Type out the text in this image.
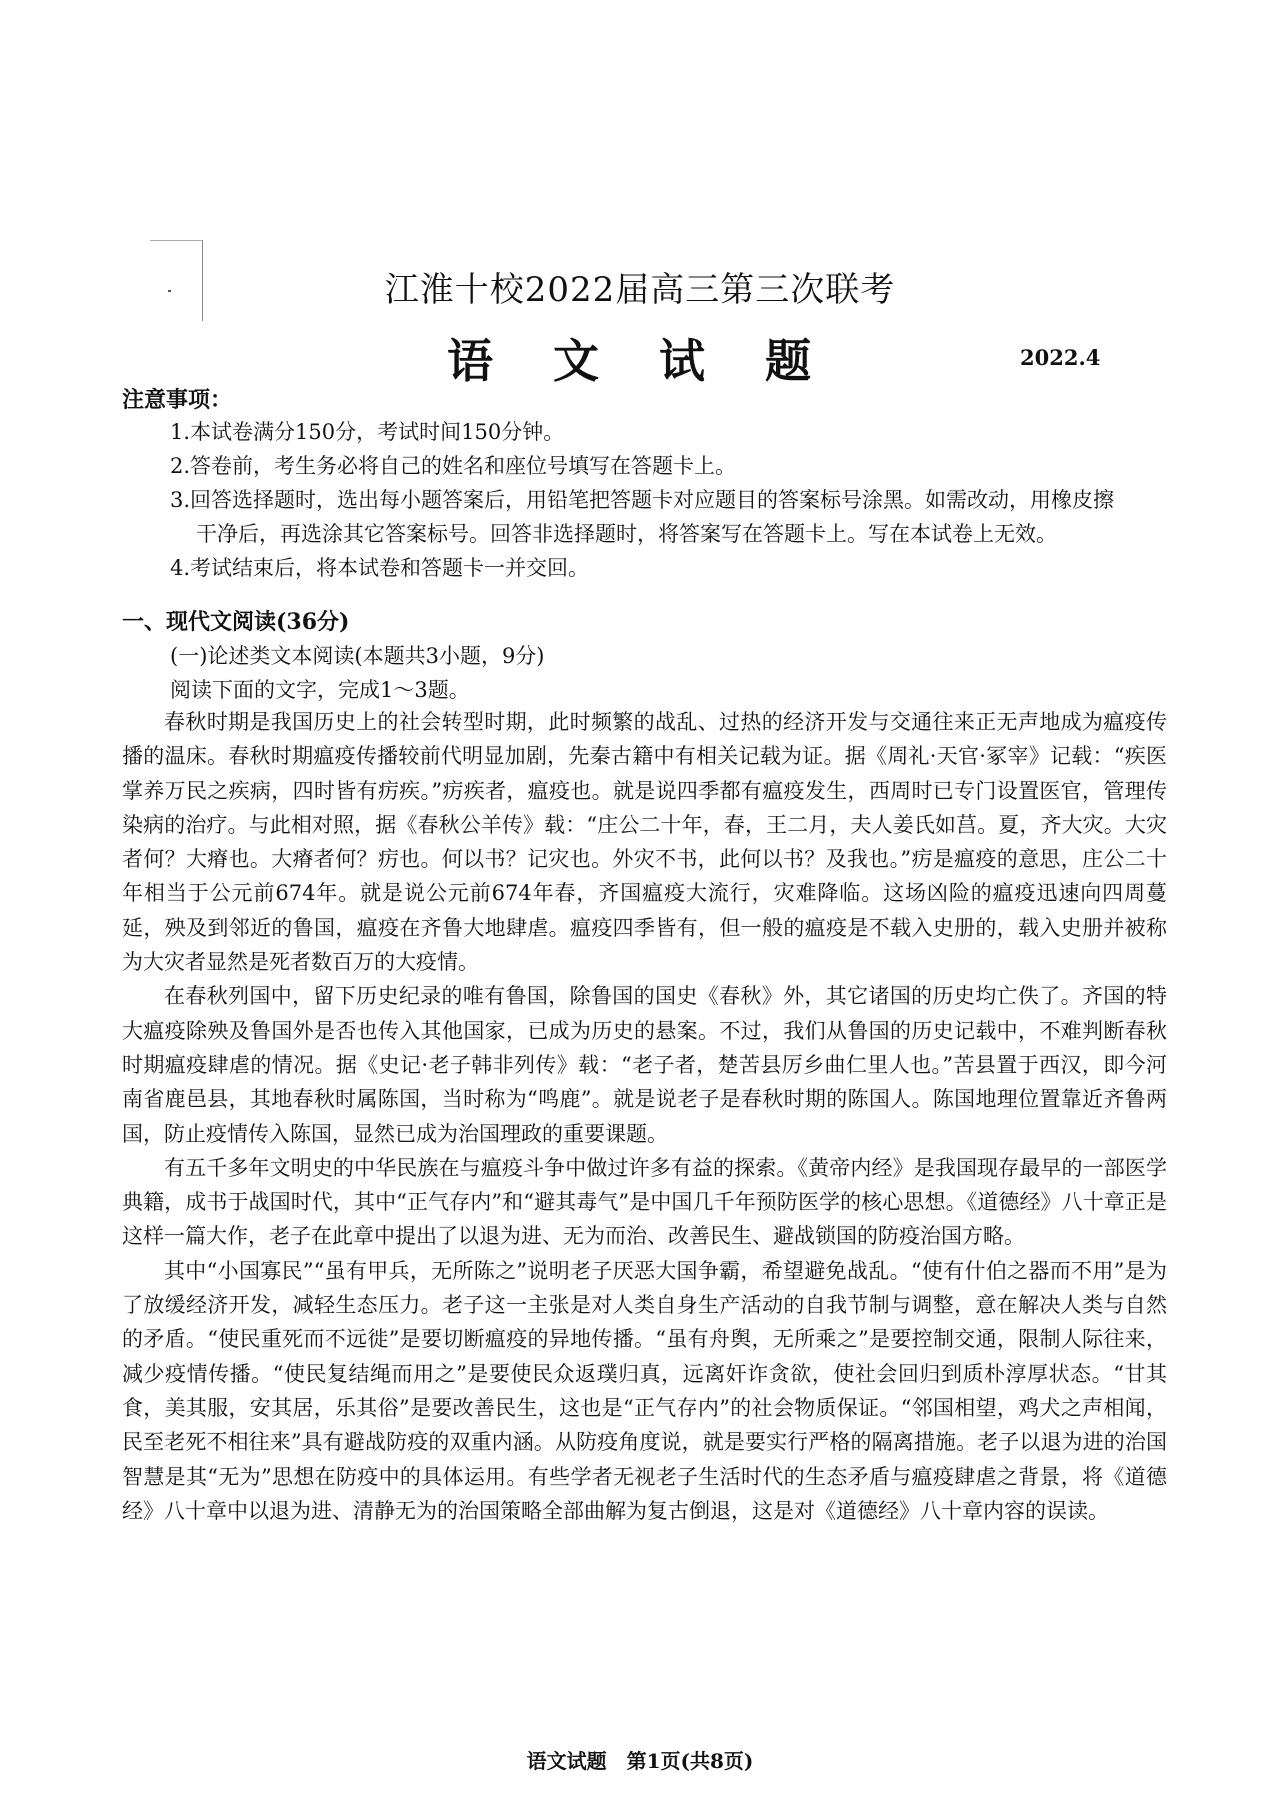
江淮十校2022届高三第三次联考
语 文 试 题	2022.4
注意事项：

1.本试卷满分150分，考试时间150分钟。

2.答卷前，考生务必将自己的姓名和座位号填写在答题卡上。

3.回答选择题时，选出每小题答案后，用铅笔把答题卡对应题目的答案标号涂黑。如需改动，用橡皮擦

干净后，再选涂其它答案标号。回答非选择题时，将答案写在答题卡上。写在本试卷上无效。

4.考试结束后，将本试卷和答题卡一并交回。

一、现代文阅读(36分)
(一)论述类文本阅读(本题共3小题，9分)
阅读下面的文字，完成1～3题。

春秋时期是我国历史上的社会转型时期，此时频繁的战乱、过热的经济开发与交通往来正无声地成为瘟疫传播的温床。春秋时期瘟疫传播较前代明显加剧，先秦古籍中有相关记载为证。据《周礼·天官·冢宰》记载：“疾医掌养万民之疾病，四时皆有疠疾。”疠疾者，瘟疫也。就是说四季都有瘟疫发生，西周时已专门设置医官，管理传染病的治疗。与此相对照，据《春秋公羊传》载：“庄公二十年，春，王二月，夫人姜氏如莒。夏，齐大灾。大灾者何？大瘠也。大瘠者何？疠也。何以书？记灾也。外灾不书，此何以书？及我也。”疠是瘟疫的意思，庄公二十年相当于公元前674年。就是说公元前674年春，齐国瘟疫大流行，灾难降临。这场凶险的瘟疫迅速向四周蔓延，殃及到邻近的鲁国，瘟疫在齐鲁大地肆虐。瘟疫四季皆有，但一般的瘟疫是不载入史册的，载入史册并被称为大灾者显然是死者数百万的大疫情。

在春秋列国中，留下历史纪录的唯有鲁国，除鲁国的国史《春秋》外，其它诸国的历史均亡佚了。齐国的特大瘟疫除殃及鲁国外是否也传入其他国家，已成为历史的悬案。不过，我们从鲁国的历史记载中，不难判断春秋时期瘟疫肆虐的情况。据《史记·老子韩非列传》载：“老子者，楚苦县厉乡曲仁里人也。”苦县置于西汉，即今河南省鹿邑县，其地春秋时属陈国，当时称为“鸣鹿”。就是说老子是春秋时期的陈国人。陈国地理位置靠近齐鲁两国，防止疫情传入陈国，显然已成为治国理政的重要课题。

有五千多年文明史的中华民族在与瘟疫斗争中做过许多有益的探索。《黄帝内经》是我国现存最早的一部医学典籍，成书于战国时代，其中“正气存内”和“避其毒气”是中国几千年预防医学的核心思想。《道德经》八十章正是这样一篇大作，老子在此章中提出了以退为进、无为而治、改善民生、避战锁国的防疫治国方略。

其中“小国寡民”“虽有甲兵，无所陈之”说明老子厌恶大国争霸，希望避免战乱。“使有什伯之器而不用”是为了放缓经济开发，减轻生态压力。老子这一主张是对人类自身生产活动的自我节制与调整，意在解决人类与自然的矛盾。“使民重死而不远徙”是要切断瘟疫的异地传播。“虽有舟舆，无所乘之”是要控制交通，限制人际往来，减少疫情传播。“使民复结绳而用之”是要使民众返璞归真，远离奸诈贪欲，使社会回归到质朴淳厚状态。“甘其食，美其服，安其居，乐其俗”是要改善民生，这也是“正气存内”的社会物质保证。“邻国相望，鸡犬之声相闻，民至老死不相往来”具有避战防疫的双重内涵。从防疫角度说，就是要实行严格的隔离措施。老子以退为进的治国智慧是其“无为”思想在防疫中的具体运用。有些学者无视老子生活时代的生态矛盾与瘟疫肆虐之背景，将《道德经》八十章中以退为进、清静无为的治国策略全部曲解为复古倒退，这是对《道德经》八十章内容的误读。

语文试题　第1页(共8页)
